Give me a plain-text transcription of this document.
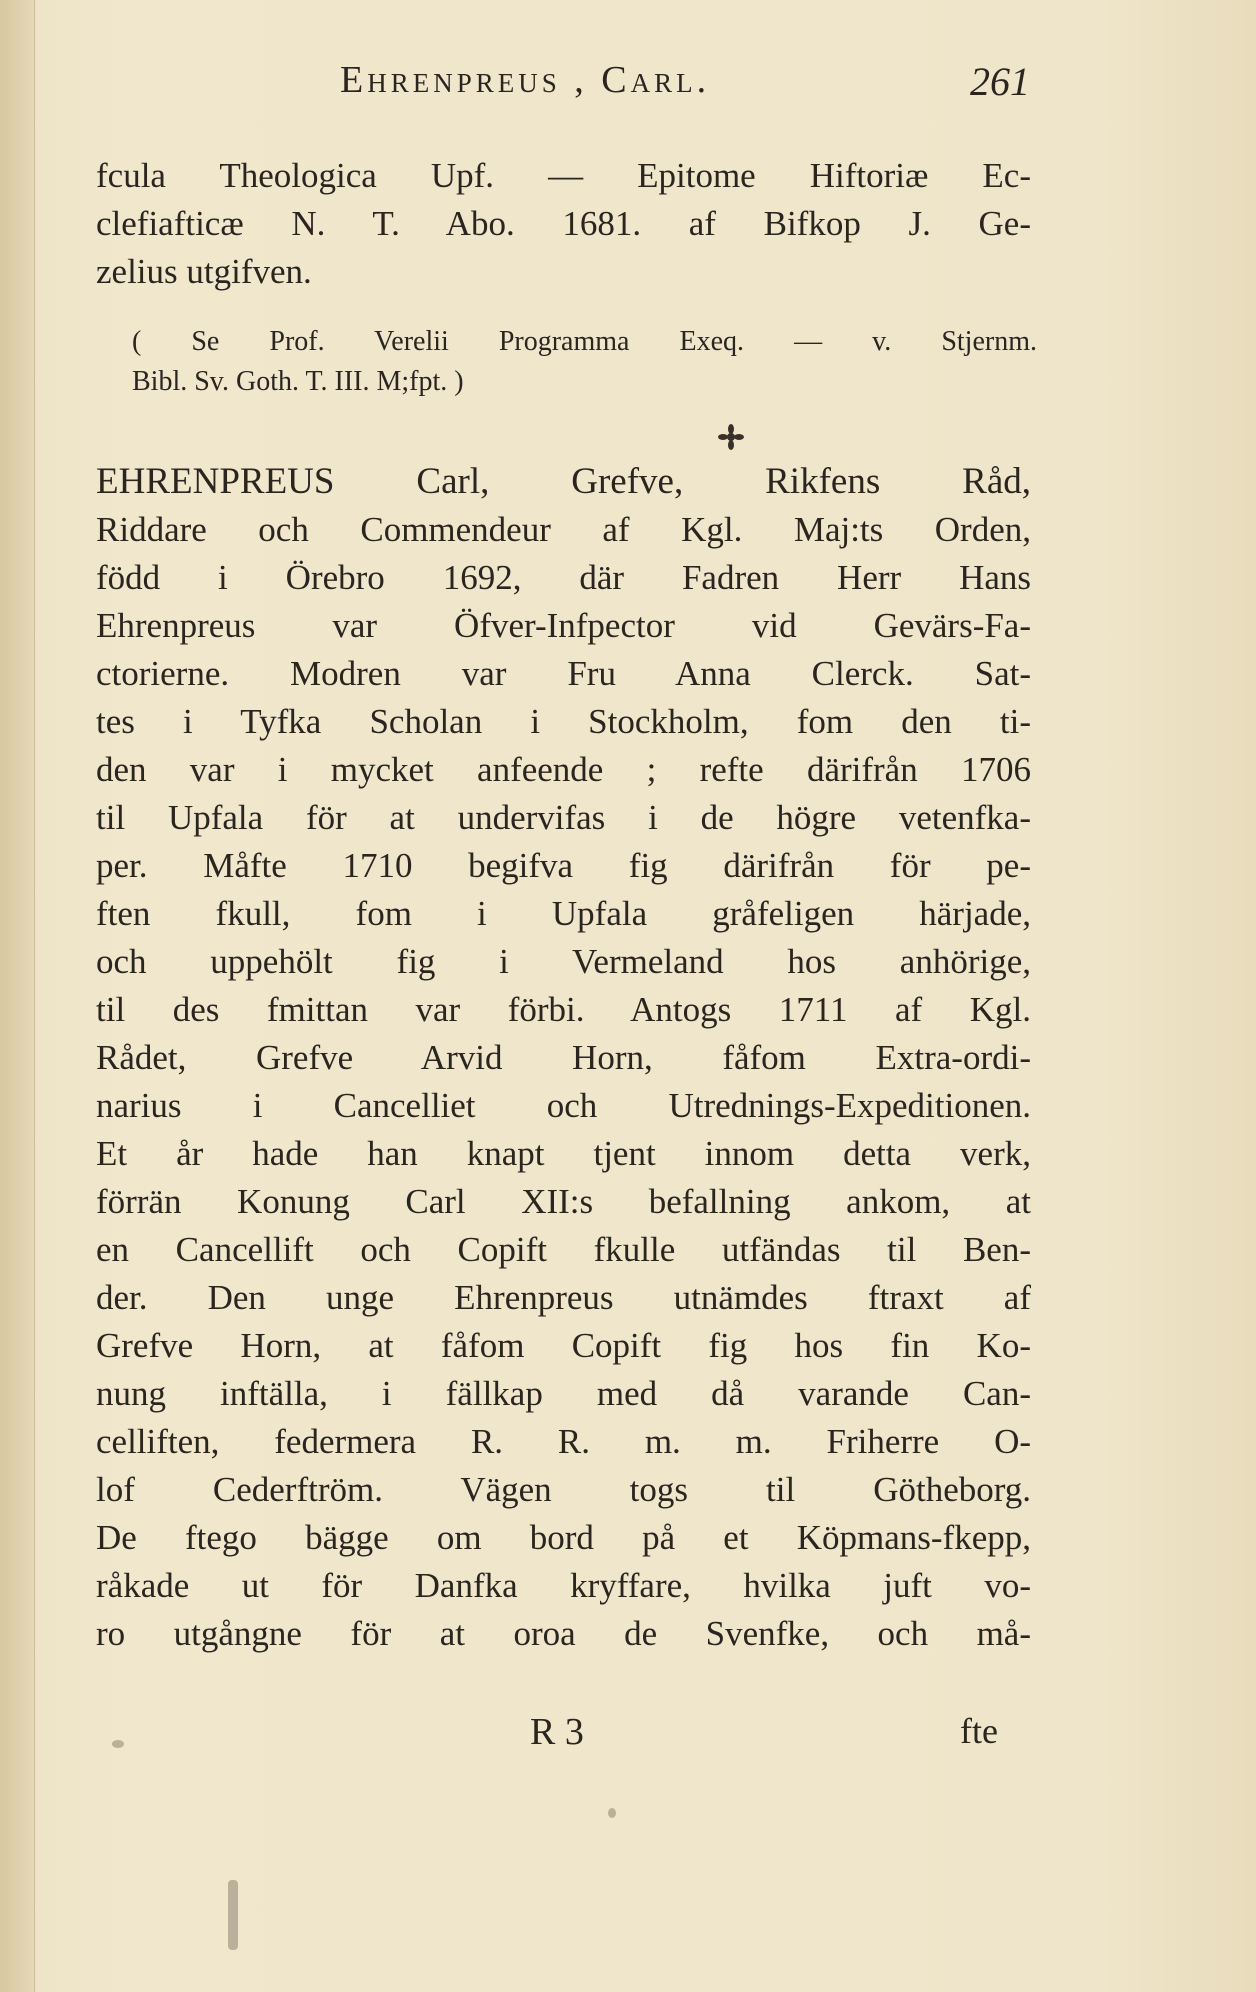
Ehrenpreus , Carl.	261
fcula Theologica Upf. — Epitome Hiftoriæ Ec-
clefiafticæ N. T. Abo. 1681. af Bifkop J. Ge-
zelius utgifven.
( Se Prof. Verelii Programma Exeq. — v. Stjernm.
Bibl. Sv. Goth. T. III. M;fpt. )
EHRENPREUS Carl, Grefve, Rikfens Råd,
Riddare och Commendeur af Kgl. Maj:ts Orden,
född i Örebro 1692, där Fadren Herr Hans
Ehrenpreus var Öfver-Infpector vid Gevärs-Fa-
ctorierne. Modren var Fru Anna Clerck. Sat-
tes i Tyfka Scholan i Stockholm, fom den ti-
den var i mycket anfeende ; refte därifrån 1706
til Upfala för at undervifas i de högre vetenfka-
per. Måfte 1710 begifva fig därifrån för pe-
ften fkull, fom i Upfala gråfeligen härjade,
och uppehölt fig i Vermeland hos anhörige,
til des fmittan var förbi. Antogs 1711 af Kgl.
Rådet, Grefve Arvid Horn, fåfom Extra-ordi-
narius i Cancelliet och Utrednings-Expeditionen.
Et år hade han knapt tjent innom detta verk,
förrän Konung Carl XII:s befallning ankom, at
en Cancellift och Copift fkulle utfändas til Ben-
der. Den unge Ehrenpreus utnämdes ftraxt af
Grefve Horn, at fåfom Copift fig hos fin Ko-
nung inftälla, i fällkap med då varande Can-
celliften, federmera R. R. m. m. Friherre O-
lof Cederftröm. Vägen togs til Götheborg.
De ftego bägge om bord på et Köpmans-fkepp,
råkade ut för Danfka kryffare, hvilka juft vo-
ro utgångne för at oroa de Svenfke, och må-
R 3	fte
